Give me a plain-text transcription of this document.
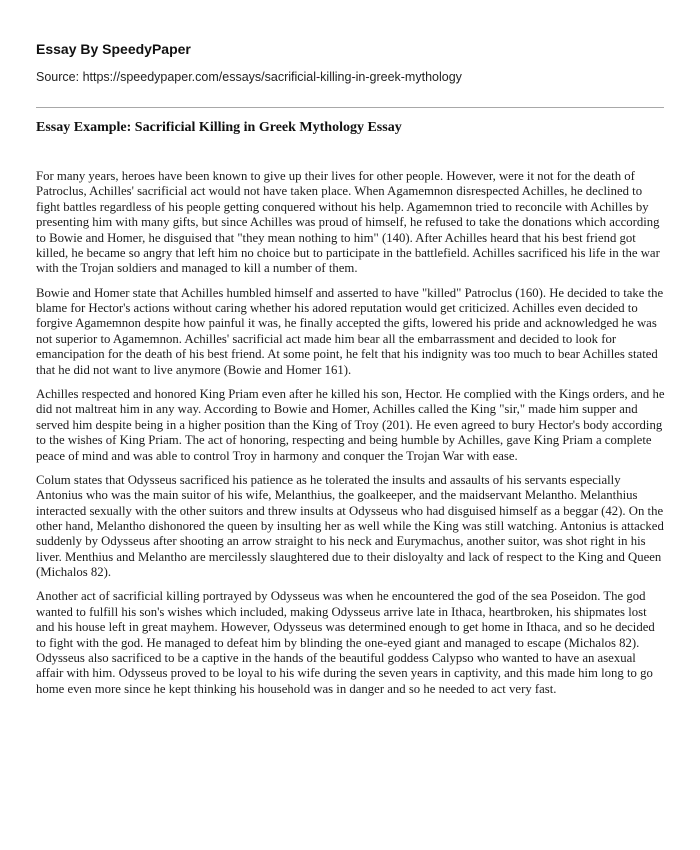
Essay By SpeedyPaper

Source: https://speedypaper.com/essays/sacrificial-killing-in-greek-mythology

Essay Example: Sacrificial Killing in Greek Mythology Essay

For many years, heroes have been known to give up their lives for other people. However, were it not for the death of Patroclus, Achilles' sacrificial act would not have taken place. When Agamemnon disrespected Achilles, he declined to fight battles regardless of his people getting conquered without his help. Agamemnon tried to reconcile with Achilles by presenting him with many gifts, but since Achilles was proud of himself, he refused to take the donations which according to Bowie and Homer, he disguised that "they mean nothing to him" (140). After Achilles heard that his best friend got killed, he became so angry that left him no choice but to participate in the battlefield. Achilles sacrificed his life in the war with the Trojan soldiers and managed to kill a number of them.

Bowie and Homer state that Achilles humbled himself and asserted to have "killed" Patroclus (160). He decided to take the blame for Hector's actions without caring whether his adored reputation would get criticized. Achilles even decided to forgive Agamemnon despite how painful it was, he finally accepted the gifts, lowered his pride and acknowledged he was not superior to Agamemnon. Achilles' sacrificial act made him bear all the embarrassment and decided to look for emancipation for the death of his best friend. At some point, he felt that his indignity was too much to bear Achilles stated that he did not want to live anymore (Bowie and Homer 161).

Achilles respected and honored King Priam even after he killed his son, Hector. He complied with the Kings orders, and he did not maltreat him in any way. According to Bowie and Homer, Achilles called the King "sir," made him supper and served him despite being in a higher position than the King of Troy (201). He even agreed to bury Hector's body according to the wishes of King Priam. The act of honoring, respecting and being humble by Achilles, gave King Priam a complete peace of mind and was able to control Troy in harmony and conquer the Trojan War with ease.

Colum states that Odysseus sacrificed his patience as he tolerated the insults and assaults of his servants especially Antonius who was the main suitor of his wife, Melanthius, the goalkeeper, and the maidservant Melantho. Melanthius interacted sexually with the other suitors and threw insults at Odysseus who had disguised himself as a beggar (42). On the other hand, Melantho dishonored the queen by insulting her as well while the King was still watching. Antonius is attacked suddenly by Odysseus after shooting an arrow straight to his neck and Eurymachus, another suitor, was shot right in his liver. Menthius and Melantho are mercilessly slaughtered due to their disloyalty and lack of respect to the King and Queen (Michalos 82).

Another act of sacrificial killing portrayed by Odysseus was when he encountered the god of the sea Poseidon. The god wanted to fulfill his son's wishes which included, making Odysseus arrive late in Ithaca, heartbroken, his shipmates lost and his house left in great mayhem. However, Odysseus was determined enough to get home in Ithaca, and so he decided to fight with the god. He managed to defeat him by blinding the one-eyed giant and managed to escape (Michalos 82). Odysseus also sacrificed to be a captive in the hands of the beautiful goddess Calypso who wanted to have an asexual affair with him. Odysseus proved to be loyal to his wife during the seven years in captivity, and this made him long to go home even more since he kept thinking his household was in danger and so he needed to act very fast.
